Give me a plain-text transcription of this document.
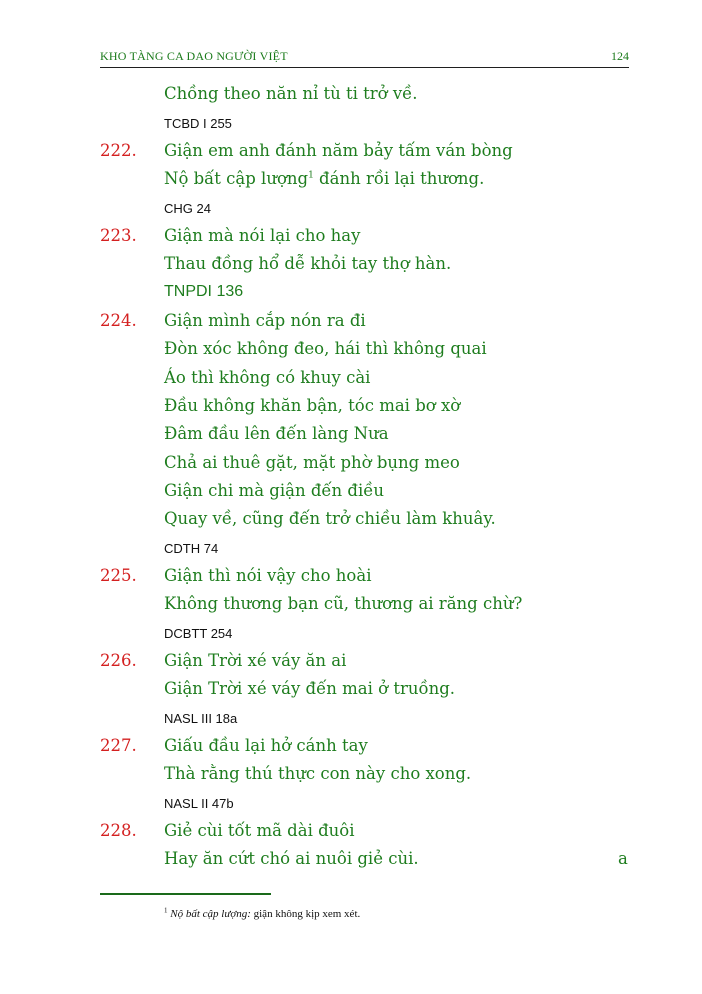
KHO TÀNG CA DAO NGƯỜI VIỆT	124
Chồng theo năn nỉ tù ti trở về.
TCBD I 255
222. Giận em anh đánh năm bảy tấm ván bòng
Nộ bất cập lượng$^1$ đánh rồi lại thương.
CHG 24
223. Giận mà nói lại cho hay
Thau đồng hổ dễ khỏi tay thợ hàn.
TNPDI 136
224. Giận mình cắp nón ra đi
Đòn xóc không đeo, hái thì không quai
Áo thì không có khuy cài
Đầu không khăn bận, tóc mai bơ xờ
Đâm đầu lên đến làng Nưa
Chả ai thuê gặt, mặt phờ bụng meo
Giận chi mà giận đến điều
Quay về, cũng đến trở chiều làm khuây.
CDTH 74
225. Giận thì nói vậy cho hoài
Không thương bạn cũ, thương ai răng chừ?
DCBTT 254
226. Giận Trời xé váy ăn ai
Giận Trời xé váy đến mai ở truồng.
NASL III 18a
227. Giấu đầu lại hở cánh tay
Thà rằng thú thực con này cho xong.
NASL II 47b
228. Giẻ cùi tốt mã dài đuôi
Hay ăn cứt chó ai nuôi giẻ cùi.	a
$^1$ Nộ bất cập lượng: giận không kịp xem xét.
